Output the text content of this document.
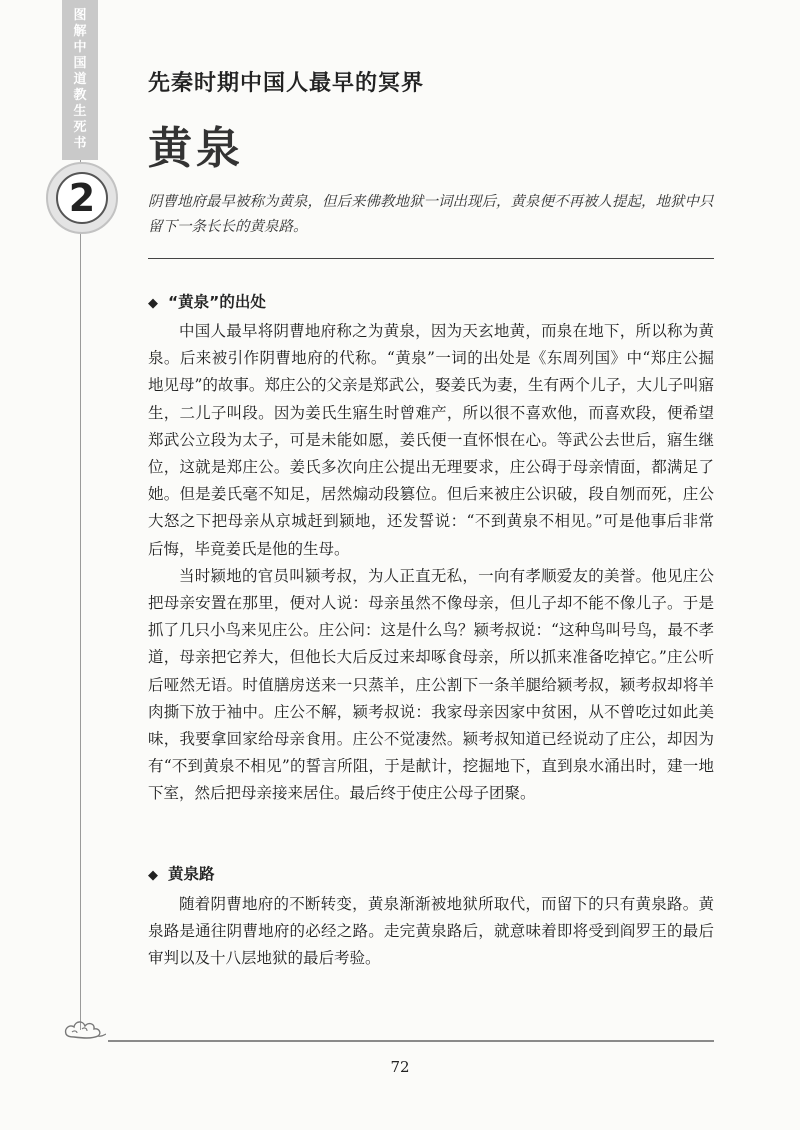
图解中国道教生死书
2
先秦时期中国人最早的冥界
黄泉
阴曹地府最早被称为黄泉，但后来佛教地狱一词出现后，黄泉便不再被人提起，地狱中只留下一条长长的黄泉路。
◆ “黄泉”的出处

中国人最早将阴曹地府称之为黄泉，因为天玄地黄，而泉在地下，所以称为黄泉。后来被引作阴曹地府的代称。“黄泉”一词的出处是《东周列国》中“郑庄公掘地见母”的故事。郑庄公的父亲是郑武公，娶姜氏为妻，生有两个儿子，大儿子叫寤生，二儿子叫段。因为姜氏生寤生时曾难产，所以很不喜欢他，而喜欢段，便希望郑武公立段为太子，可是未能如愿，姜氏便一直怀恨在心。等武公去世后，寤生继位，这就是郑庄公。姜氏多次向庄公提出无理要求，庄公碍于母亲情面，都满足了她。但是姜氏毫不知足，居然煽动段篡位。但后来被庄公识破，段自刎而死，庄公大怒之下把母亲从京城赶到颍地，还发誓说：“不到黄泉不相见。”可是他事后非常后悔，毕竟姜氏是他的生母。

当时颍地的官员叫颍考叔，为人正直无私，一向有孝顺爱友的美誉。他见庄公把母亲安置在那里，便对人说：母亲虽然不像母亲，但儿子却不能不像儿子。于是抓了几只小鸟来见庄公。庄公问：这是什么鸟？颍考叔说：“这种鸟叫号鸟，最不孝道，母亲把它养大，但他长大后反过来却啄食母亲，所以抓来准备吃掉它。”庄公听后哑然无语。时值膳房送来一只蒸羊，庄公割下一条羊腿给颍考叔，颍考叔却将羊肉撕下放于袖中。庄公不解，颍考叔说：我家母亲因家中贫困，从不曾吃过如此美味，我要拿回家给母亲食用。庄公不觉凄然。颍考叔知道已经说动了庄公，却因为有“不到黄泉不相见”的誓言所阻，于是献计，挖掘地下，直到泉水涌出时，建一地下室，然后把母亲接来居住。最后终于使庄公母子团聚。

◆ 黄泉路

随着阴曹地府的不断转变，黄泉渐渐被地狱所取代，而留下的只有黄泉路。黄泉路是通往阴曹地府的必经之路。走完黄泉路后，就意味着即将受到阎罗王的最后审判以及十八层地狱的最后考验。

72
